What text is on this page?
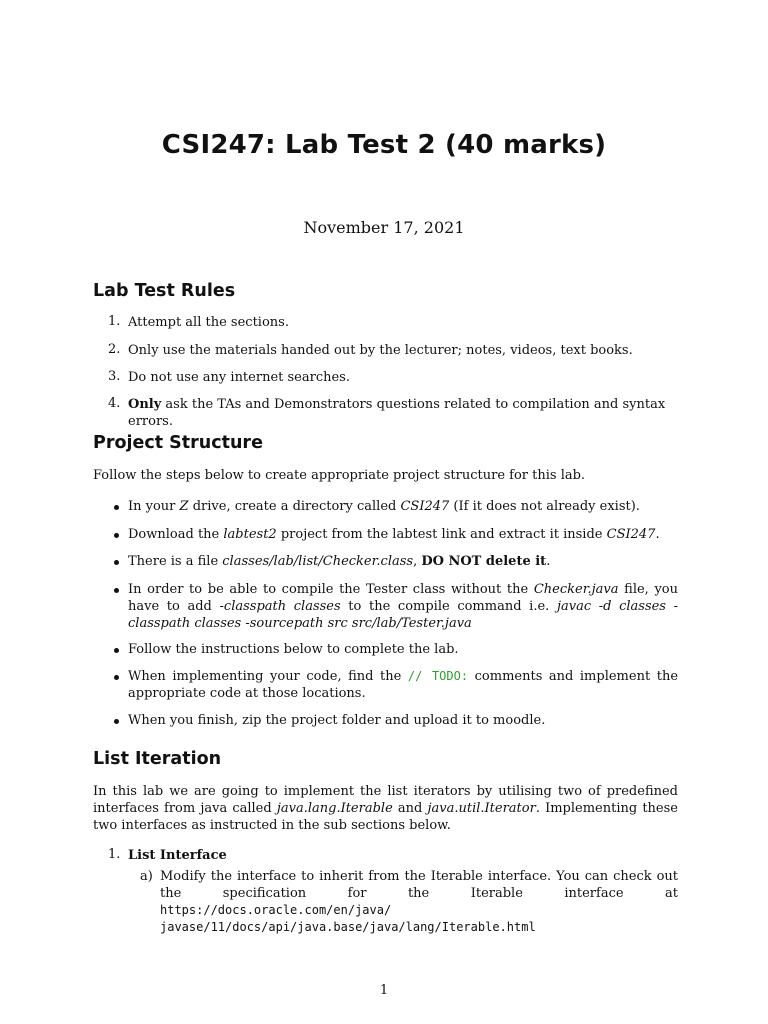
CSI247: Lab Test 2 (40 marks)

November 17, 2021

Lab Test Rules
1. Attempt all the sections.

2. Only use the materials handed out by the lecturer; notes, videos, text books.

3. Do not use any internet searches.

4. Only ask the TAs and Demonstrators questions related to compilation and syntax errors.

Project Structure

Follow the steps below to create appropriate project structure for this lab.

In your Z drive, create a directory called CSI247 (If it does not already exist).

Download the labtest2 project from the labtest link and extract it inside CSI247.

There is a file classes/lab/list/Checker.class, DO NOT delete it.

In order to be able to compile the Tester class without the Checker.java file, you have to add -classpath classes to the compile command i.e. javac -d classes -classpath classes -sourcepath src src/lab/Tester.java

Follow the instructions below to complete the lab.

When implementing your code, find the // TODO: comments and implement the appropriate code at those locations.

When you finish, zip the project folder and upload it to moodle.

List Iteration

In this lab we are going to implement the list iterators by utilising two of predefined interfaces from java called java.lang.Iterable and java.util.Iterator. Implementing these two interfaces as instructed in the sub sections below.

1. List Interface

a) Modify the interface to inherit from the Iterable interface. You can check out the specification for the Iterable interface at https://docs.oracle.com/en/java/
javase/11/docs/api/java.base/java/lang/Iterable.html

1
